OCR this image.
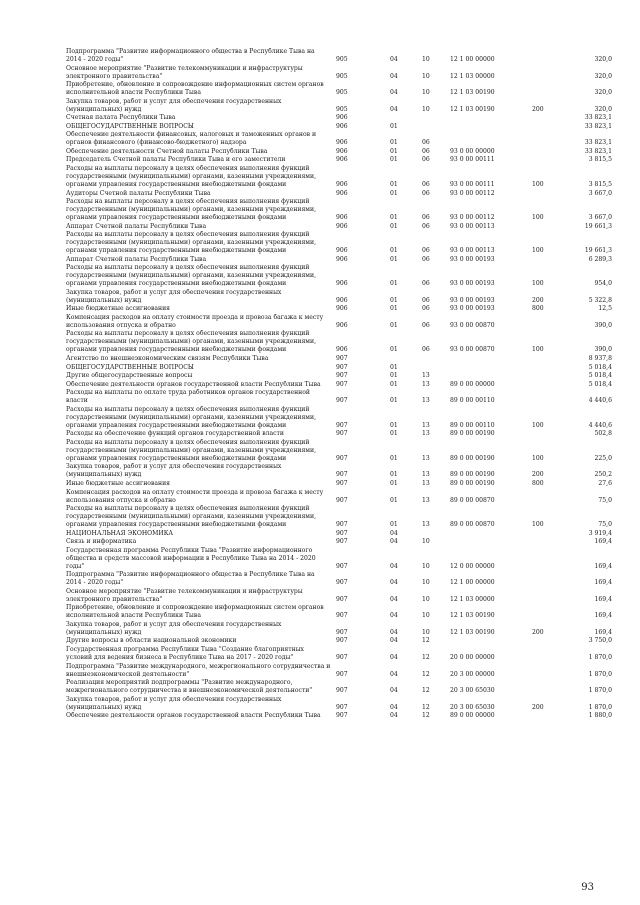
Подпрограмма "Развитие информационного общества в Республике Тыва на
2014 - 2020 годы"	905	04	10	12 1 00 00000	320,0
Основное мероприятие "Развитие телекоммуникации и инфраструктуры
электронного правительства"	905	04	10	12 1 03 00000	320,0
Приобретение, обновление и сопровождение информационных систем органов
исполнительной власти Республики Тыва	905	04	10	12 1 03 00190	320,0
Закупка товаров, работ и услуг для обеспечения государственных
(муниципальных) нужд	905	04	10	12 1 03 00190	200	320,0
Счетная палата Республики Тыва	906	33 823,1
ОБЩЕГОСУДАРСТВЕННЫЕ ВОПРОСЫ	906	01	33 823,1
Обеспечение деятельности финансовых, налоговых и таможенных органов и
органов финансового (финансово-бюджетного) надзора	906	01	06	33 823,1
Обеспечение деятельности Счетной палаты Республики Тыва	906	01	06	93 0 00 00000	33 823,1
Председатель Счетной палаты Республики Тыва и его заместители	906	01	06	93 0 00 00111	3 815,5
Расходы на выплаты персоналу в целях обеспечения выполнения функций
государственными (муниципальными) органами, казенными учреждениями,
органами управления государственными внебюджетными фондами	906	01	06	93 0 00 00111	100	3 815,5
Аудиторы Счетной палаты Республики Тыва	906	01	06	93 0 00 00112	3 667,0
Расходы на выплаты персоналу в целях обеспечения выполнения функций
государственными (муниципальными) органами, казенными учреждениями,
органами управления государственными внебюджетными фондами	906	01	06	93 0 00 00112	100	3 667,0
Аппарат Счетной палаты Республики Тыва	906	01	06	93 0 00 00113	19 661,3
Расходы на выплаты персоналу в целях обеспечения выполнения функций
государственными (муниципальными) органами, казенными учреждениями,
органами управления государственными внебюджетными фондами	906	01	06	93 0 00 00113	100	19 661,3
Аппарат Счетной палаты Республики Тыва	906	01	06	93 0 00 00193	6 289,3
Расходы на выплаты персоналу в целях обеспечения выполнения функций
государственными (муниципальными) органами, казенными учреждениями,
органами управления государственными внебюджетными фондами	906	01	06	93 0 00 00193	100	954,0
Закупка товаров, работ и услуг для обеспечения государственных
(муниципальных) нужд	906	01	06	93 0 00 00193	200	5 322,8
Иные бюджетные ассигнования	906	01	06	93 0 00 00193	800	12,5
Компенсация расходов на оплату стоимости проезда и провоза багажа к месту
использования отпуска и обратно	906	01	06	93 0 00 00870	390,0
Расходы на выплаты персоналу в целях обеспечения выполнения функций
государственными (муниципальными) органами, казенными учреждениями,
органами управления государственными внебюджетными фондами	906	01	06	93 0 00 00870	100	390,0
Агентство по внешнеэкономическим связям Республики Тыва	907	8 937,8
ОБЩЕГОСУДАРСТВЕННЫЕ ВОПРОСЫ	907	01	5 018,4
Другие общегосударственные вопросы	907	01	13	5 018,4
Обеспечение деятельности органов государственной власти Республики Тыва	907	01	13	89 0 00 00000	5 018,4
Расходы на выплаты по оплате труда работников органов государственной
власти	907	01	13	89 0 00 00110	4 440,6
Расходы на выплаты персоналу в целях обеспечения выполнения функций
государственными (муниципальными) органами, казенными учреждениями,
органами управления государственными внебюджетными фондами	907	01	13	89 0 00 00110	100	4 440,6
Расходы на обеспечение функций органов государственной власти	907	01	13	89 0 00 00190	502,8
Расходы на выплаты персоналу в целях обеспечения выполнения функций
государственными (муниципальными) органами, казенными учреждениями,
органами управления государственными внебюджетными фондами	907	01	13	89 0 00 00190	100	225,0
Закупка товаров, работ и услуг для обеспечения государственных
(муниципальных) нужд	907	01	13	89 0 00 00190	200	250,2
Иные бюджетные ассигнования	907	01	13	89 0 00 00190	800	27,6
Компенсация расходов на оплату стоимости проезда и провоза багажа к месту
использования отпуска и обратно	907	01	13	89 0 00 00870	75,0
Расходы на выплаты персоналу в целях обеспечения выполнения функций
государственными (муниципальными) органами, казенными учреждениями,
органами управления государственными внебюджетными фондами	907	01	13	89 0 00 00870	100	75,0
НАЦИОНАЛЬНАЯ ЭКОНОМИКА	907	04	3 919,4
Связь и информатика	907	04	10	169,4
Государственная программа Республики Тыва "Развитие информационного
общества и средств массовой информации в Республике Тыва на 2014 - 2020
годы"	907	04	10	12 0 00 00000	169,4
Подпрограмма "Развитие информационного общества в Республике Тыва на
2014 - 2020 годы"	907	04	10	12 1 00 00000	169,4
Основное мероприятие "Развитие телекоммуникации и инфраструктуры
электронного правительства"	907	04	10	12 1 03 00000	169,4
Приобретение, обновление и сопровождение информационных систем органов
исполнительной власти Республики Тыва	907	04	10	12 1 03 00190	169,4
Закупка товаров, работ и услуг для обеспечения государственных
(муниципальных) нужд	907	04	10	12 1 03 00190	200	169,4
Другие вопросы в области национальной экономики	907	04	12	3 750,0
Государственная программа Республики Тыва "Создание благоприятных
условий для ведения бизнеса в Республике Тыва на 2017 - 2020 годы"	907	04	12	20 0 00 00000	1 870,0
Подпрограмма "Развитие международного, межрегионального сотрудничества и
внешнеэкономической деятельности"	907	04	12	20 3 00 00000	1 870,0
Реализация мероприятий подпрограммы "Развитие международного,
межрегионального сотрудничества и внешнеэкономической деятельности"	907	04	12	20 3 00 65030	1 870,0
Закупка товаров, работ и услуг для обеспечения государственных
(муниципальных) нужд	907	04	12	20 3 00 65030	200	1 870,0
Обеспечение деятельности органов государственной власти Республики Тыва	907	04	12	89 0 00 00000	1 880,0
93
